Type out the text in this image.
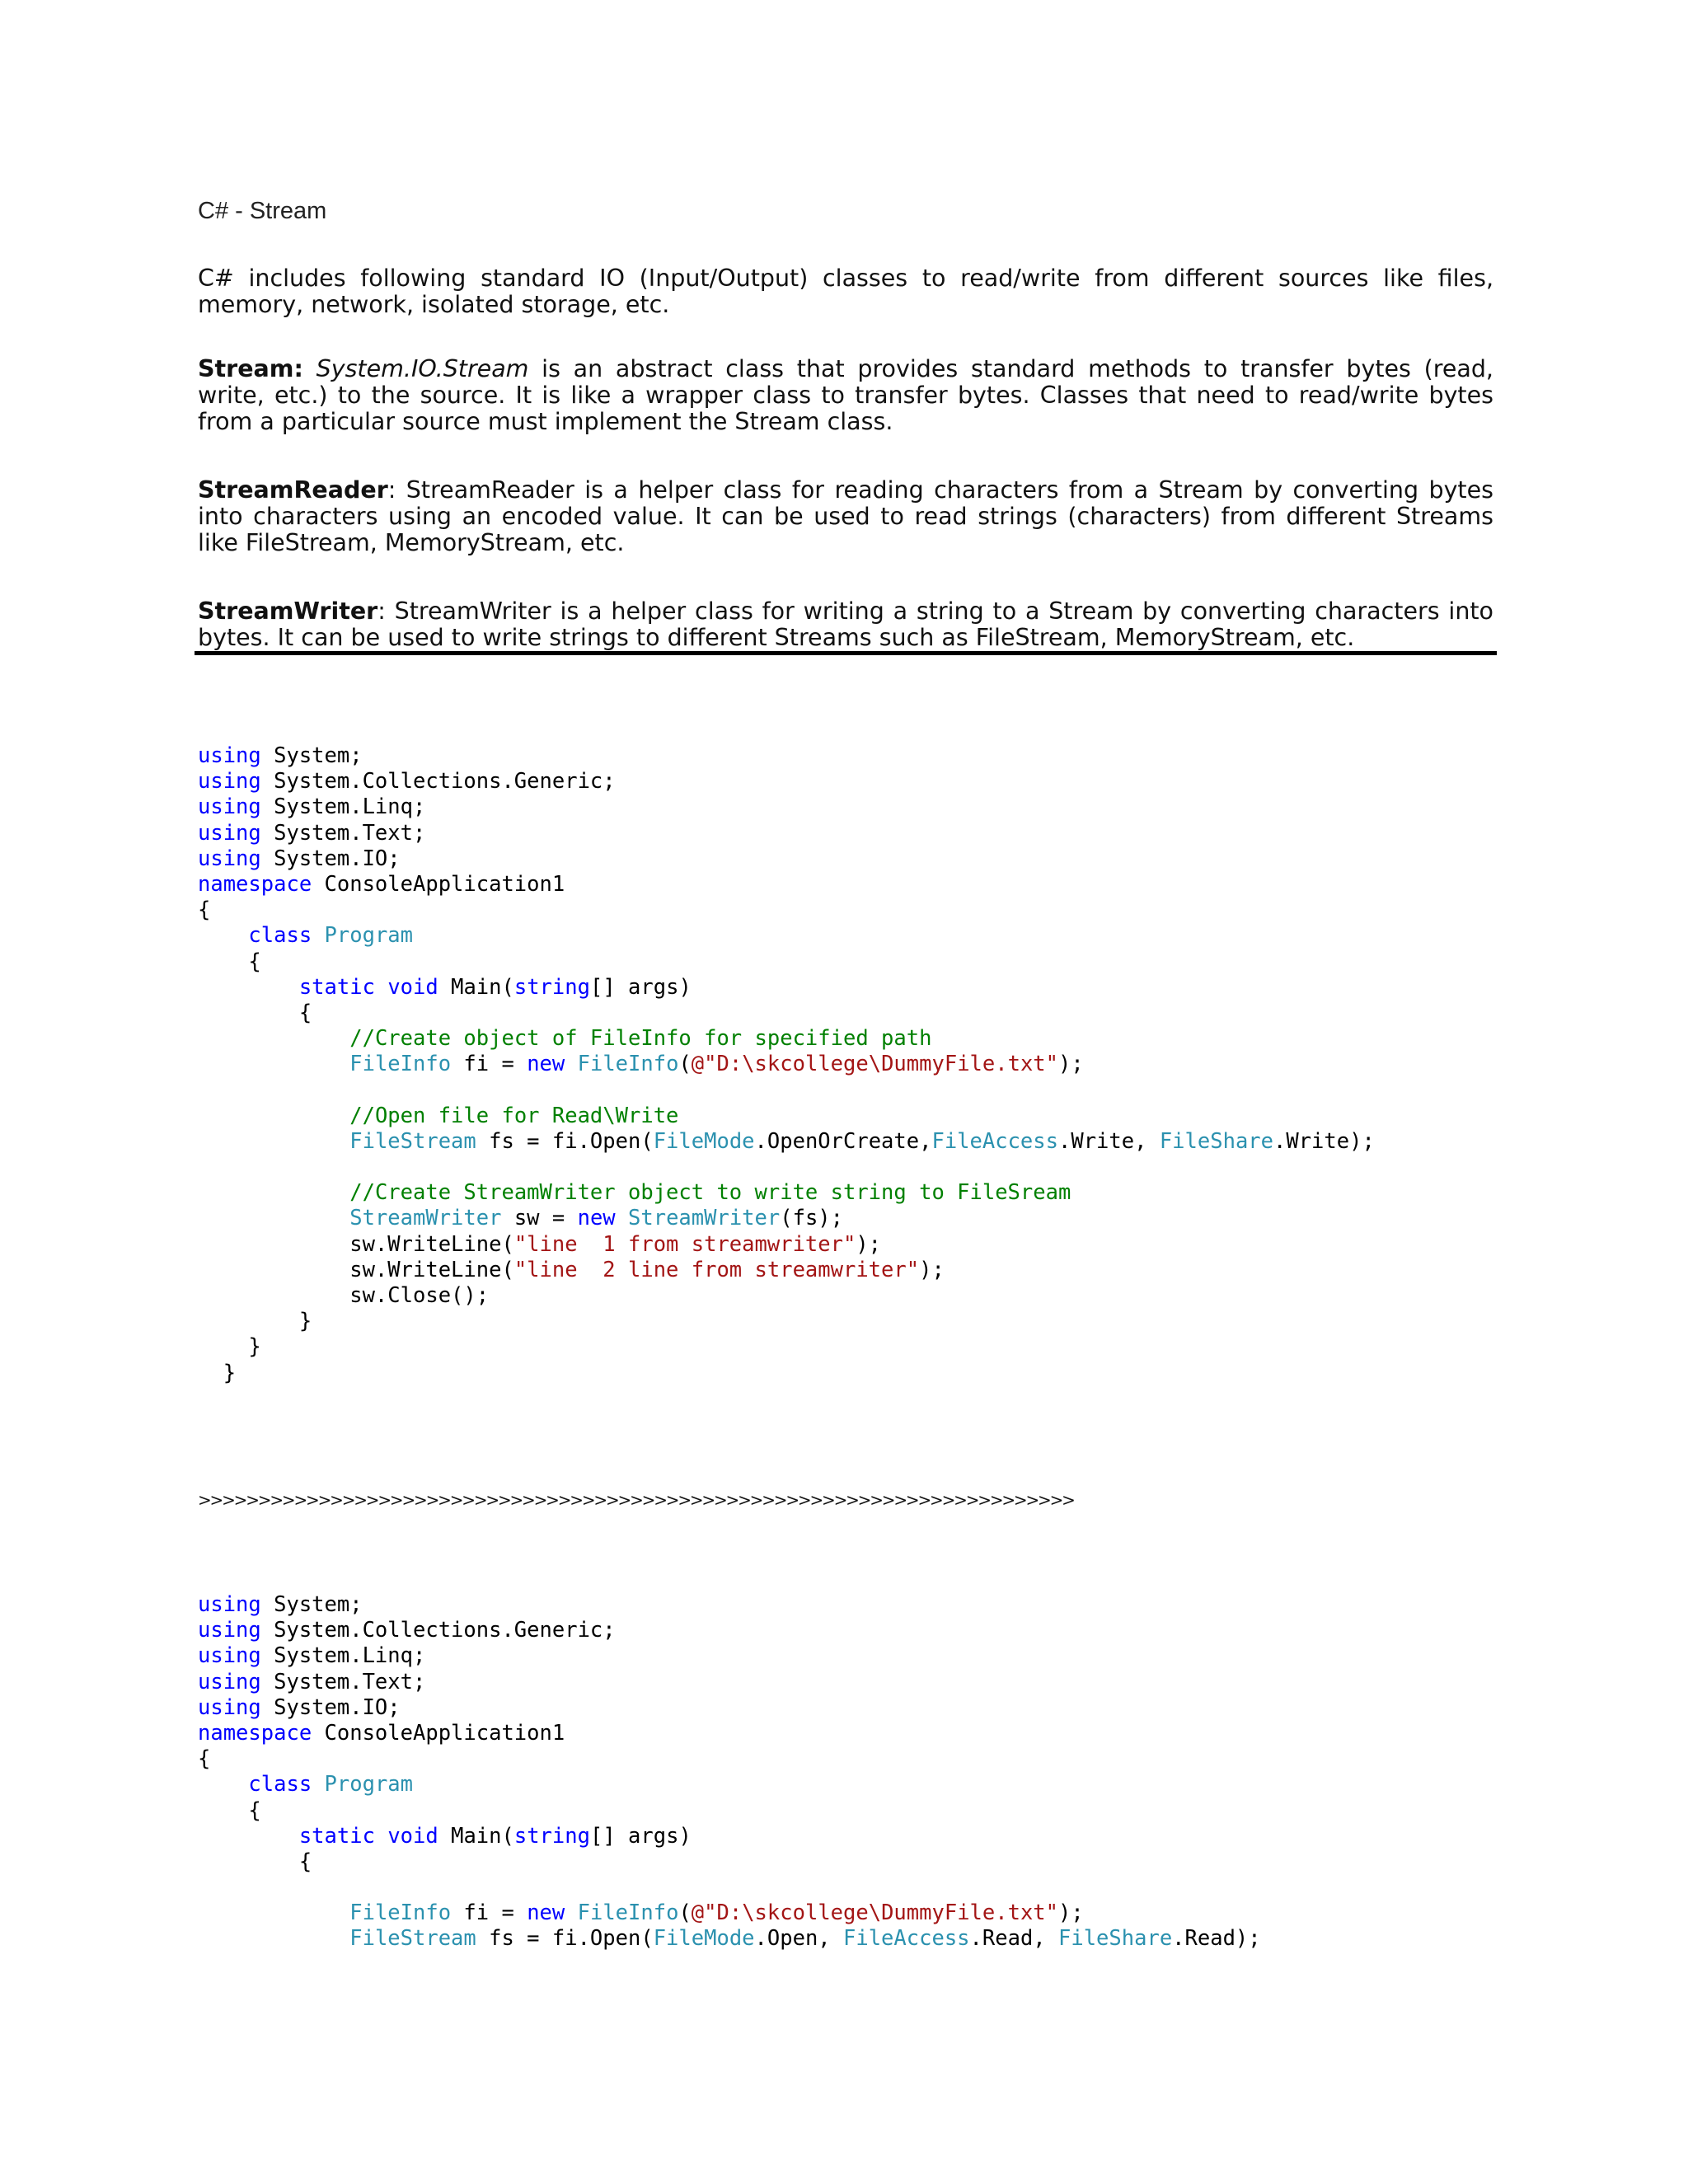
C# - Stream

C# includes following standard IO (Input/Output) classes to read/write from different sources like files, memory, network, isolated storage, etc.

Stream: System.IO.Stream is an abstract class that provides standard methods to transfer bytes (read, write, etc.) to the source. It is like a wrapper class to transfer bytes. Classes that need to read/write bytes from a particular source must implement the Stream class.

StreamReader: StreamReader is a helper class for reading characters from a Stream by converting bytes into characters using an encoded value. It can be used to read strings (characters) from different Streams like FileStream, MemoryStream, etc.

StreamWriter: StreamWriter is a helper class for writing a string to a Stream by converting characters into bytes. It can be used to write strings to different Streams such as FileStream, MemoryStream, etc.

using System;
using System.Collections.Generic;
using System.Linq;
using System.Text;
using System.IO;
namespace ConsoleApplication1
{
class Program
{
static void Main(string[] args)
{
//Create object of FileInfo for specified path
FileInfo fi = new FileInfo(@"D:\skcollege\DummyFile.txt");
//Open file for Read\Write
FileStream fs = fi.Open(FileMode.OpenOrCreate,FileAccess.Write, FileShare.Write);
//Create StreamWriter object to write string to FileSream
StreamWriter sw = new StreamWriter(fs);
sw.WriteLine("line  1 from streamwriter");
sw.WriteLine("line  2 line from streamwriter");
sw.Close();
}
}
}
>>>>>>>>>>>>>>>>>>>>>>>>>>>>>>>>>>>>>>>>>>>>>>>>>>>>>>>>>>>>>>>>>>>>>>>>>
using System;
using System.Collections.Generic;
using System.Linq;
using System.Text;
using System.IO;
namespace ConsoleApplication1
{
class Program
{
static void Main(string[] args)
{
FileInfo fi = new FileInfo(@"D:\skcollege\DummyFile.txt");
FileStream fs = fi.Open(FileMode.Open, FileAccess.Read, FileShare.Read);
